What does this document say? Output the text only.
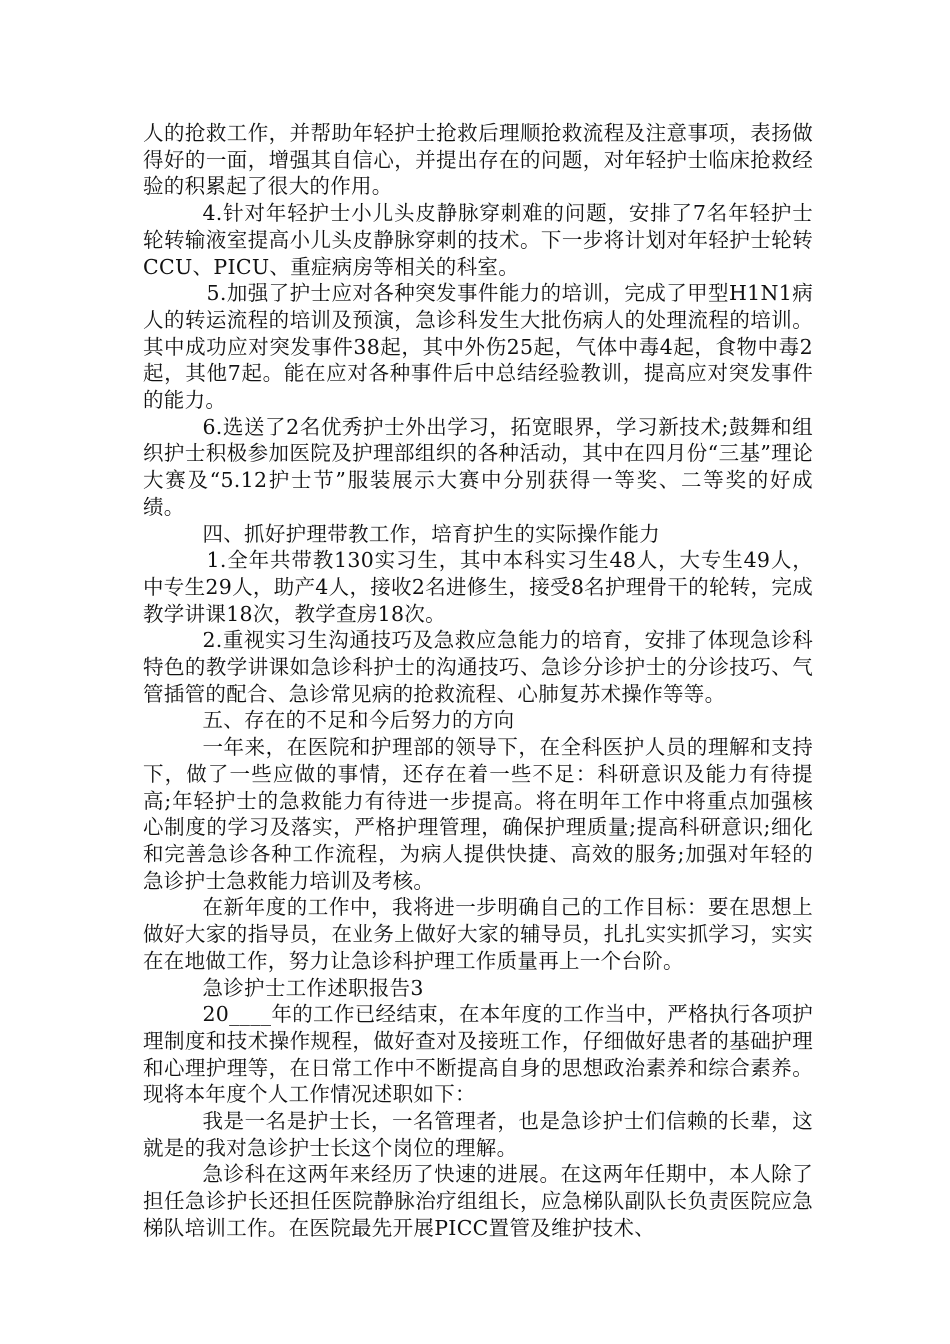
人的抢救工作，并帮助年轻护士抢救后理顺抢救流程及注意事项，表扬做得好的一面，增强其自信心，并提出存在的问题，对年轻护士临床抢救经验的积累起了很大的作用。

4.针对年轻护士小儿头皮静脉穿刺难的问题，安排了7名年轻护士轮转输液室提高小儿头皮静脉穿刺的技术。下一步将计划对年轻护士轮转CCU、PICU、重症病房等相关的科室。

5.加强了护士应对各种突发事件能力的培训，完成了甲型H1N1病人的转运流程的培训及预演，急诊科发生大批伤病人的处理流程的培训。其中成功应对突发事件38起，其中外伤25起，气体中毒4起，食物中毒2起，其他7起。能在应对各种事件后中总结经验教训，提高应对突发事件的能力。

6.选送了2名优秀护士外出学习，拓宽眼界，学习新技术;鼓舞和组织护士积极参加医院及护理部组织的各种活动，其中在四月份“三基”理论大赛及“5.12护士节”服装展示大赛中分别获得一等奖、二等奖的好成绩。

四、抓好护理带教工作，培育护生的实际操作能力

1.全年共带教130实习生，其中本科实习生48人，大专生49人，中专生29人，助产4人，接收2名进修生，接受8名护理骨干的轮转，完成教学讲课18次，教学查房18次。

2.重视实习生沟通技巧及急救应急能力的培育，安排了体现急诊科特色的教学讲课如急诊科护士的沟通技巧、急诊分诊护士的分诊技巧、气管插管的配合、急诊常见病的抢救流程、心肺复苏术操作等等。

五、存在的不足和今后努力的方向

一年来，在医院和护理部的领导下，在全科医护人员的理解和支持下，做了一些应做的事情，还存在着一些不足：科研意识及能力有待提高;年轻护士的急救能力有待进一步提高。将在明年工作中将重点加强核心制度的学习及落实，严格护理管理，确保护理质量;提高科研意识;细化和完善急诊各种工作流程，为病人提供快捷、高效的服务;加强对年轻的急诊护士急救能力培训及考核。

在新年度的工作中，我将进一步明确自己的工作目标：要在思想上做好大家的指导员，在业务上做好大家的辅导员，扎扎实实抓学习，实实在在地做工作，努力让急诊科护理工作质量再上一个台阶。

急诊护士工作述职报告3

20____年的工作已经结束，在本年度的工作当中，严格执行各项护理制度和技术操作规程，做好查对及接班工作，仔细做好患者的基础护理和心理护理等，在日常工作中不断提高自身的思想政治素养和综合素养。现将本年度个人工作情况述职如下：

我是一名是护士长，一名管理者，也是急诊护士们信赖的长辈，这就是的我对急诊护士长这个岗位的理解。

急诊科在这两年来经历了快速的进展。在这两年任期中，本人除了担任急诊护长还担任医院静脉治疗组组长，应急梯队副队长负责医院应急梯队培训工作。在医院最先开展PICC置管及维护技术、
